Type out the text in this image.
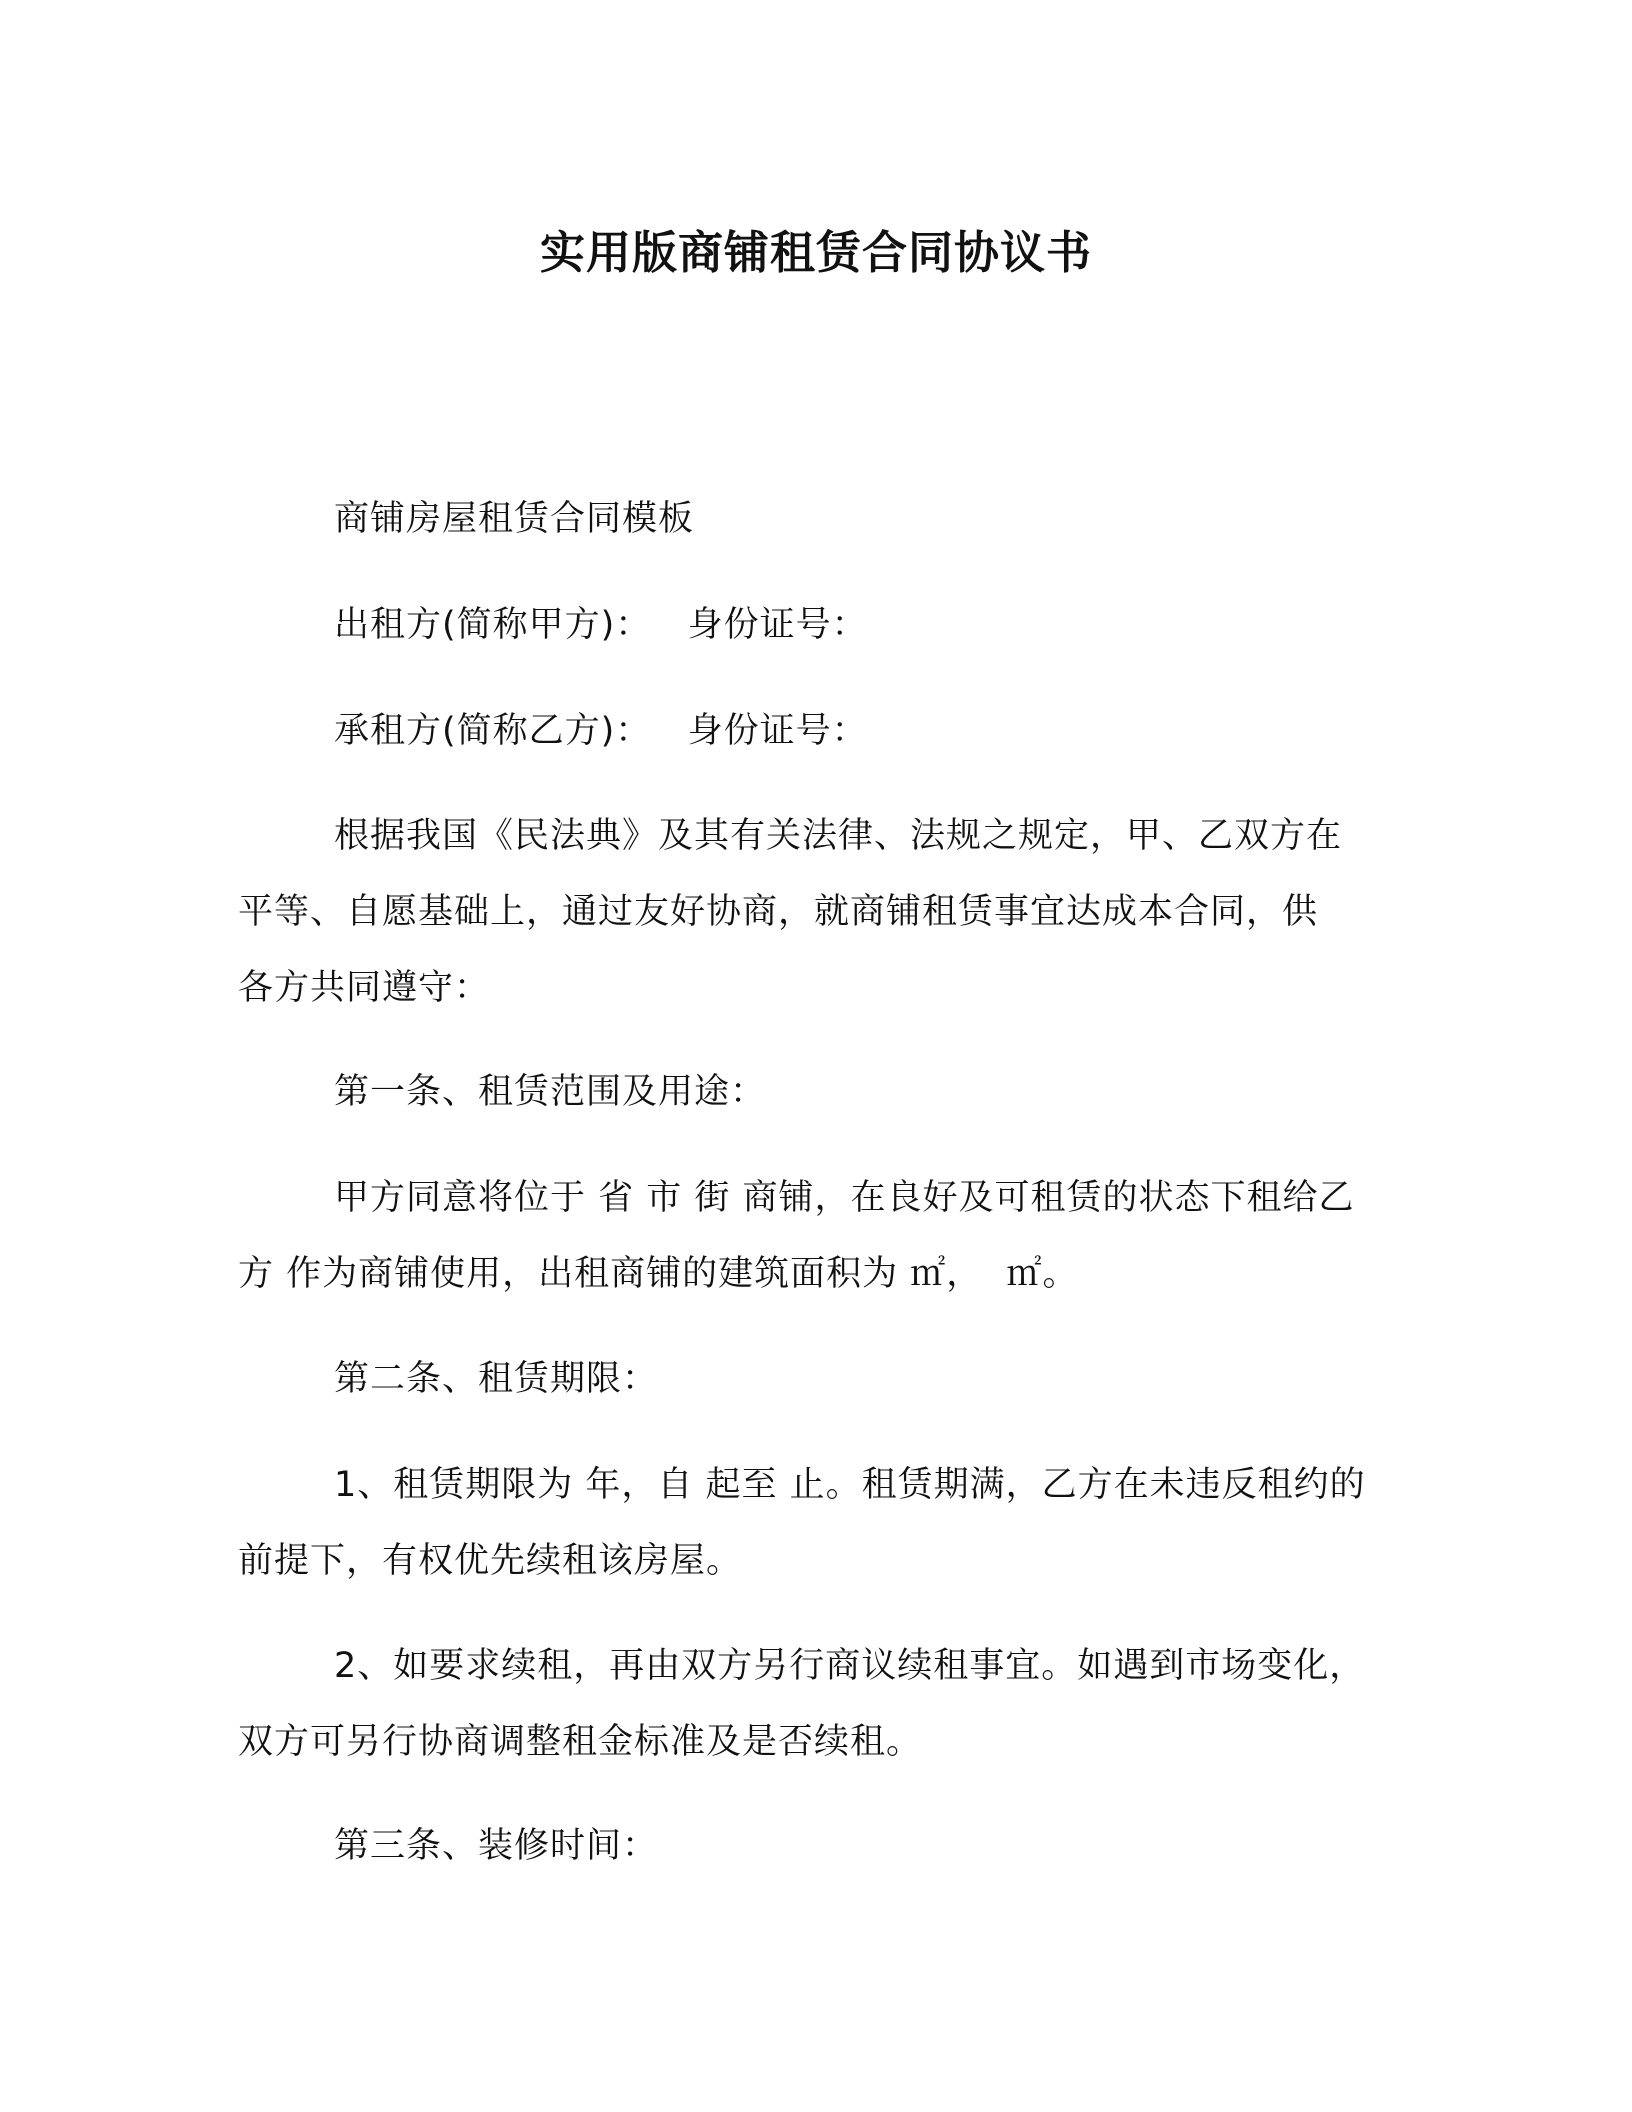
实用版商铺租赁合同协议书
商铺房屋租赁合同模板
出租方(简称甲方)：   身份证号：
承租方(简称乙方)：   身份证号：
根据我国《民法典》及其有关法律、法规之规定，甲、乙双方在
平等、自愿基础上，通过友好协商，就商铺租赁事宜达成本合同，供
各方共同遵守：
第一条、租赁范围及用途：
甲方同意将位于 省 市 街 商铺，在良好及可租赁的状态下租给乙
方 作为商铺使用，出租商铺的建筑面积为 ㎡，  ㎡。
第二条、租赁期限：
1、租赁期限为 年，自 起至 止。租赁期满，乙方在未违反租约的
前提下，有权优先续租该房屋。
2、如要求续租，再由双方另行商议续租事宜。如遇到市场变化，
双方可另行协商调整租金标准及是否续租。
第三条、装修时间：
